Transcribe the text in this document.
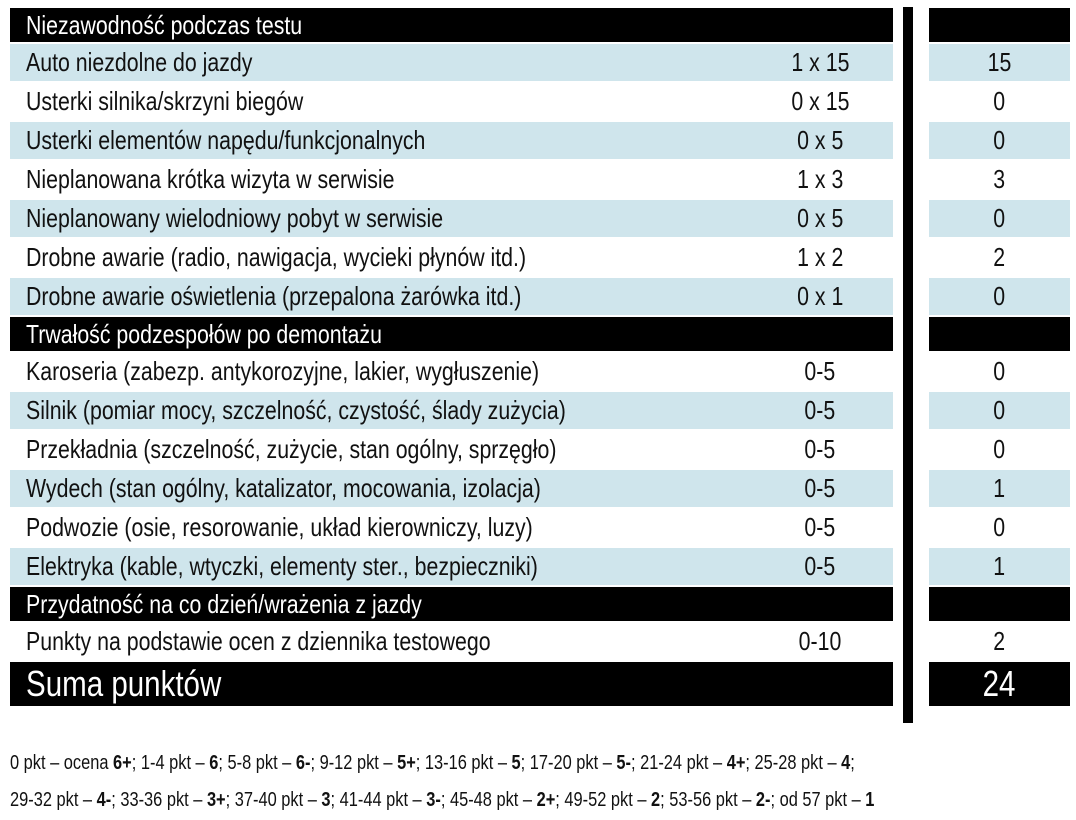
Niezawodność podczas testu
Auto niezdolne do jazdy	1 x 15	15
Usterki silnika/skrzyni biegów	0 x 15	0
Usterki elementów napędu/funkcjonalnych	0 x 5	0
Nieplanowana krótka wizyta w serwisie	1 x 3	3
Nieplanowany wielodniowy pobyt w serwisie	0 x 5	0
Drobne awarie (radio, nawigacja, wycieki płynów itd.)	1 x 2	2
Drobne awarie oświetlenia (przepalona żarówka itd.)	0 x 1	0
Trwałość podzespołów po demontażu
Karoseria (zabezp. antykorozyjne, lakier, wygłuszenie)	0-5	0
Silnik (pomiar mocy, szczelność, czystość, ślady zużycia)	0-5	0
Przekładnia (szczelność, zużycie, stan ogólny, sprzęgło)	0-5	0
Wydech (stan ogólny, katalizator, mocowania, izolacja)	0-5	1
Podwozie (osie, resorowanie, układ kierowniczy, luzy)	0-5	0
Elektryka (kable, wtyczki, elementy ster., bezpieczniki)	0-5	1
Przydatność na co dzień/wrażenia z jazdy
Punkty na podstawie ocen z dziennika testowego	0-10	2
Suma punktów	24
0 pkt – ocena 6+; 1-4 pkt – 6; 5-8 pkt – 6-; 9-12 pkt – 5+; 13-16 pkt – 5; 17-20 pkt – 5-; 21-24 pkt – 4+; 25-28 pkt – 4;
29-32 pkt – 4-; 33-36 pkt – 3+; 37-40 pkt – 3; 41-44 pkt – 3-; 45-48 pkt – 2+; 49-52 pkt – 2; 53-56 pkt – 2-; od 57 pkt – 1
